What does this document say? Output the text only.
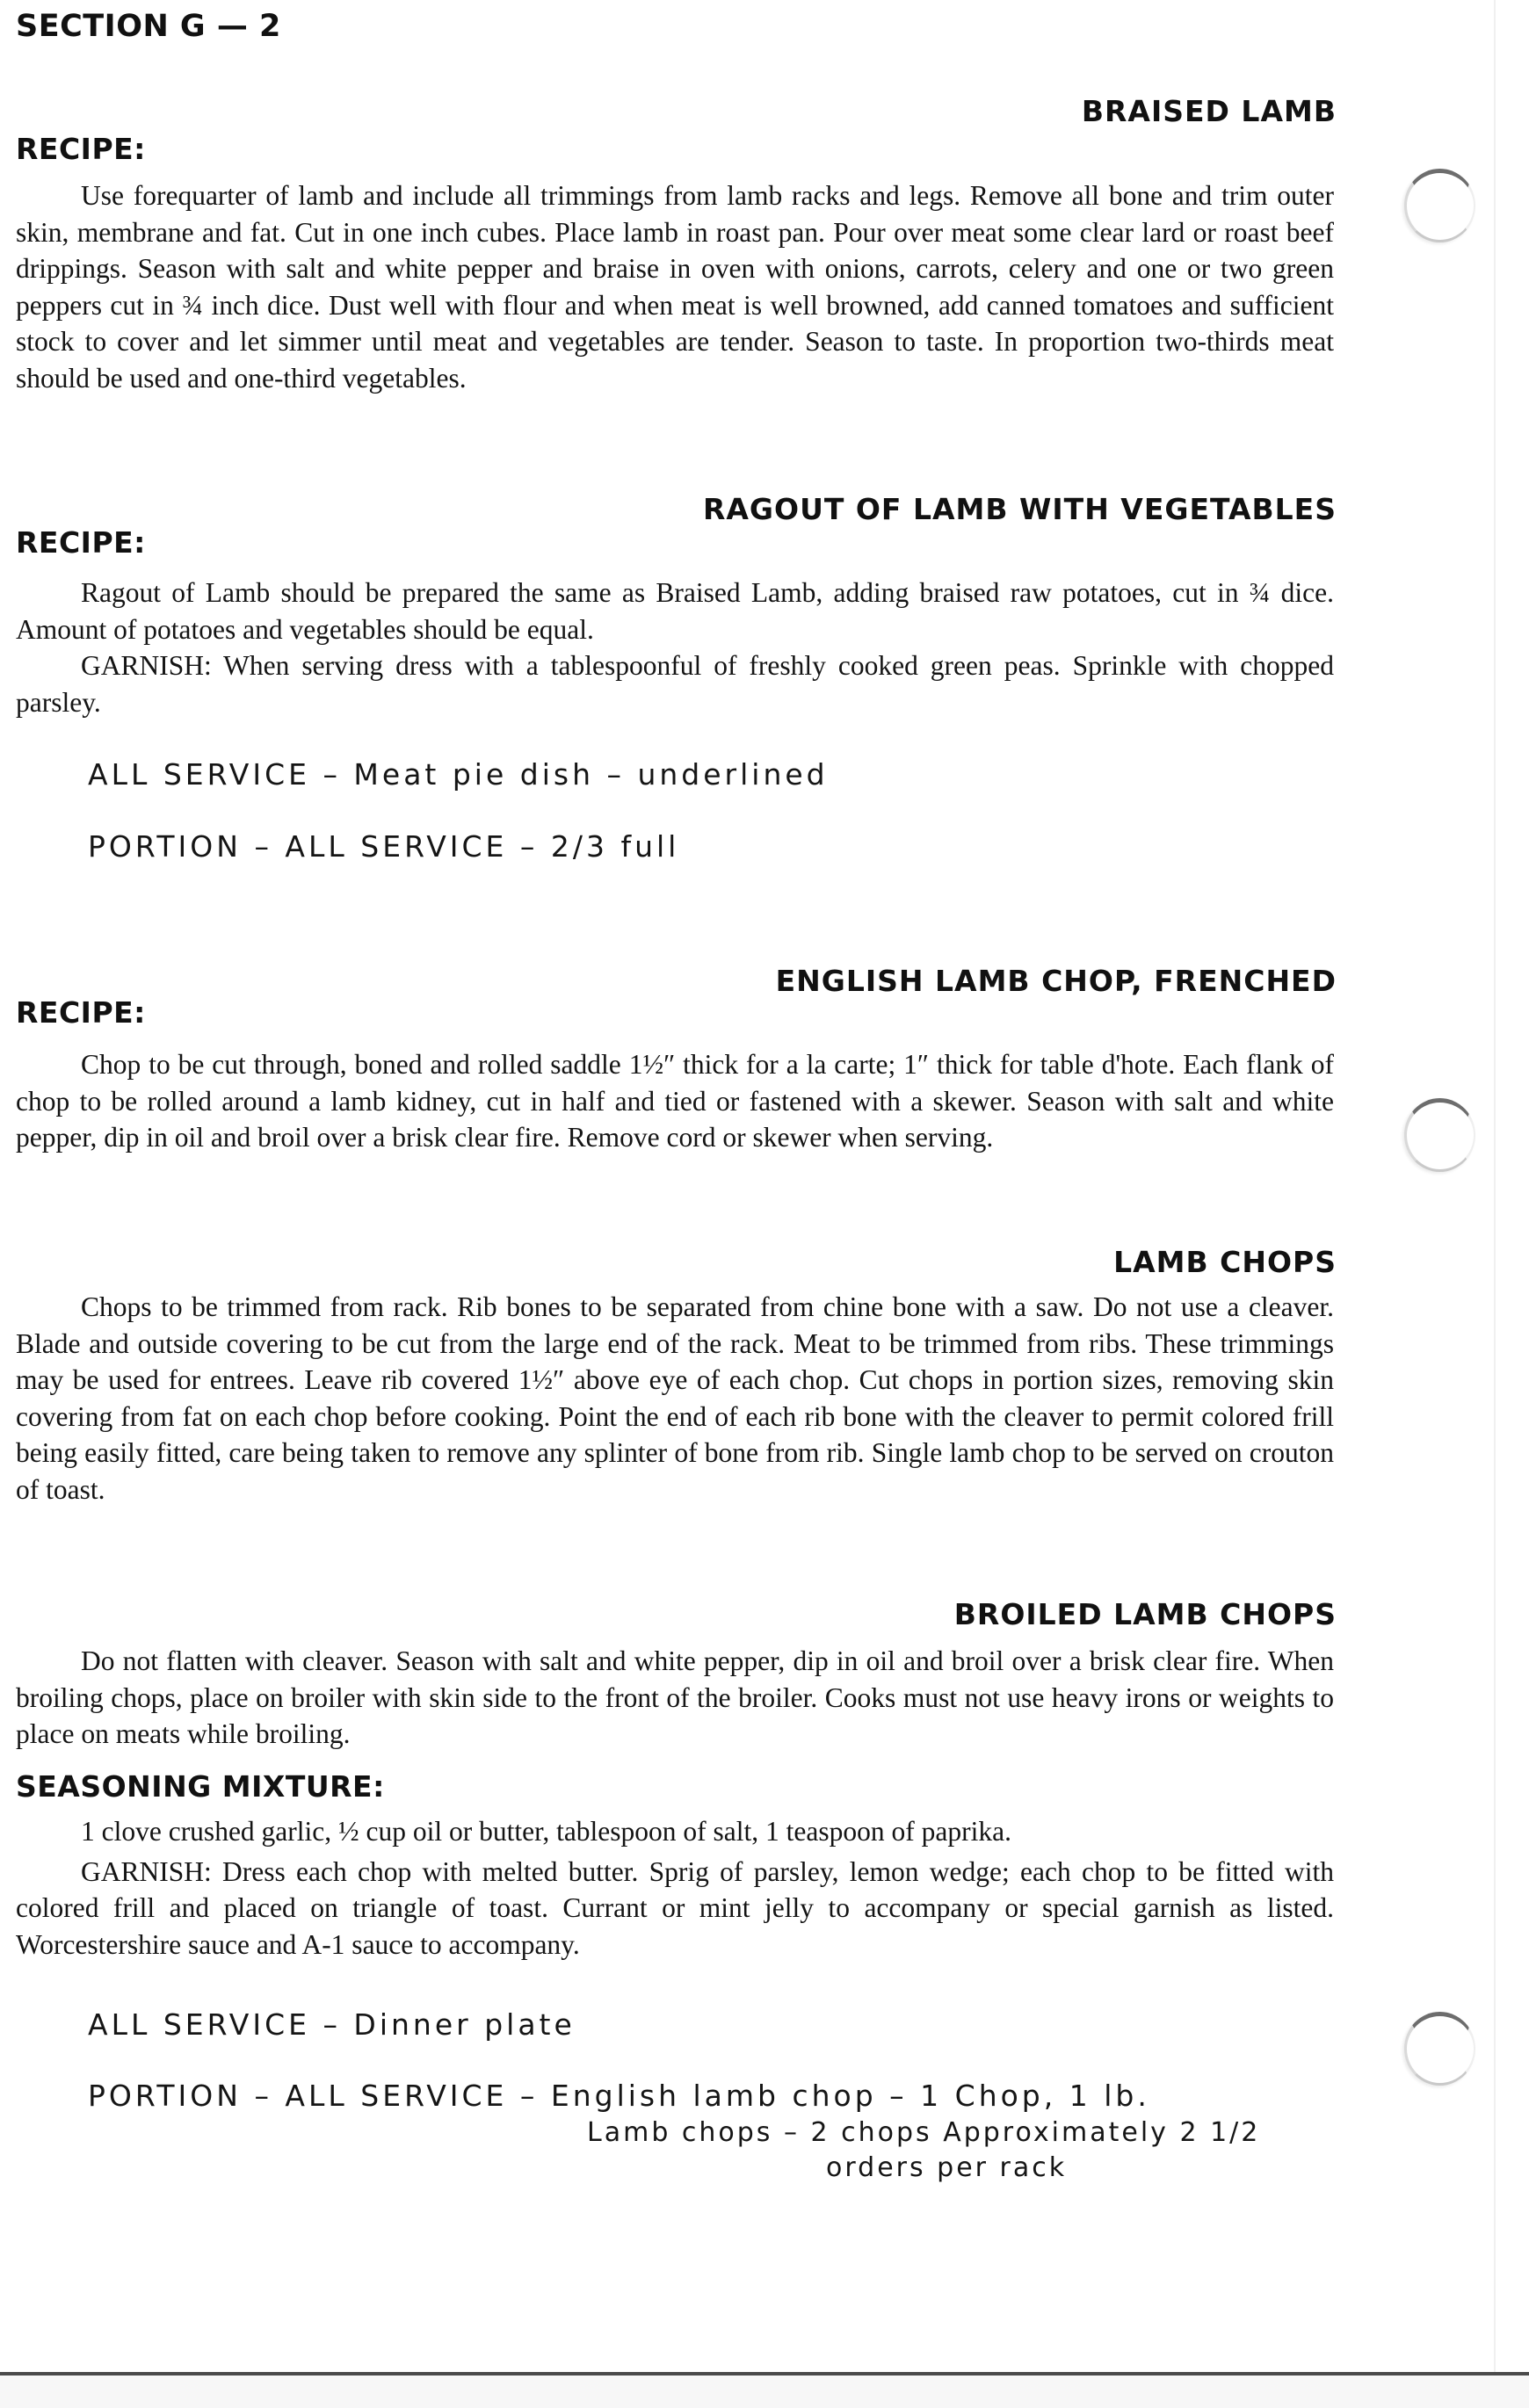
SECTION G — 2
BRAISED LAMB
RECIPE:

Use forequarter of lamb and include all trimmings from lamb racks and legs. Remove all bone and trim outer skin, membrane and fat. Cut in one inch cubes. Place lamb in roast pan. Pour over meat some clear lard or roast beef drippings. Season with salt and white pepper and braise in oven with onions, carrots, celery and one or two green peppers cut in ¾ inch dice. Dust well with flour and when meat is well browned, add canned tomatoes and sufficient stock to cover and let simmer until meat and vegetables are tender. Season to taste. In proportion two-thirds meat should be used and one-third vegetables.

RAGOUT OF LAMB WITH VEGETABLES
RECIPE:

Ragout of Lamb should be prepared the same as Braised Lamb, adding braised raw potatoes, cut in ¾ dice. Amount of potatoes and vegetables should be equal.

GARNISH: When serving dress with a tablespoonful of freshly cooked green peas. Sprinkle with chopped parsley.

ALL SERVICE – Meat pie dish – underlined
PORTION – ALL SERVICE – 2/3 full
ENGLISH LAMB CHOP, FRENCHED
RECIPE:

Chop to be cut through, boned and rolled saddle 1½″ thick for a la carte; 1″ thick for table d'hote. Each flank of chop to be rolled around a lamb kidney, cut in half and tied or fastened with a skewer. Season with salt and white pepper, dip in oil and broil over a brisk clear fire. Remove cord or skewer when serving.

LAMB CHOPS

Chops to be trimmed from rack. Rib bones to be separated from chine bone with a saw. Do not use a cleaver. Blade and outside covering to be cut from the large end of the rack. Meat to be trimmed from ribs. These trimmings may be used for entrees. Leave rib covered 1½″ above eye of each chop. Cut chops in portion sizes, removing skin covering from fat on each chop before cooking. Point the end of each rib bone with the cleaver to permit colored frill being easily fitted, care being taken to remove any splinter of bone from rib. Single lamb chop to be served on crouton of toast.

BROILED LAMB CHOPS

Do not flatten with cleaver. Season with salt and white pepper, dip in oil and broil over a brisk clear fire. When broiling chops, place on broiler with skin side to the front of the broiler. Cooks must not use heavy irons or weights to place on meats while broiling.

SEASONING MIXTURE:

1 clove crushed garlic, ½ cup oil or butter, tablespoon of salt, 1 teaspoon of paprika.

GARNISH: Dress each chop with melted butter. Sprig of parsley, lemon wedge; each chop to be fitted with colored frill and placed on triangle of toast. Currant or mint jelly to accompany or special garnish as listed. Worcestershire sauce and A-1 sauce to accompany.

ALL SERVICE – Dinner plate
PORTION – ALL SERVICE – English lamb chop – 1 Chop, 1 lb.
Lamb chops – 2 chops Approximately 2 1/2
orders per rack
